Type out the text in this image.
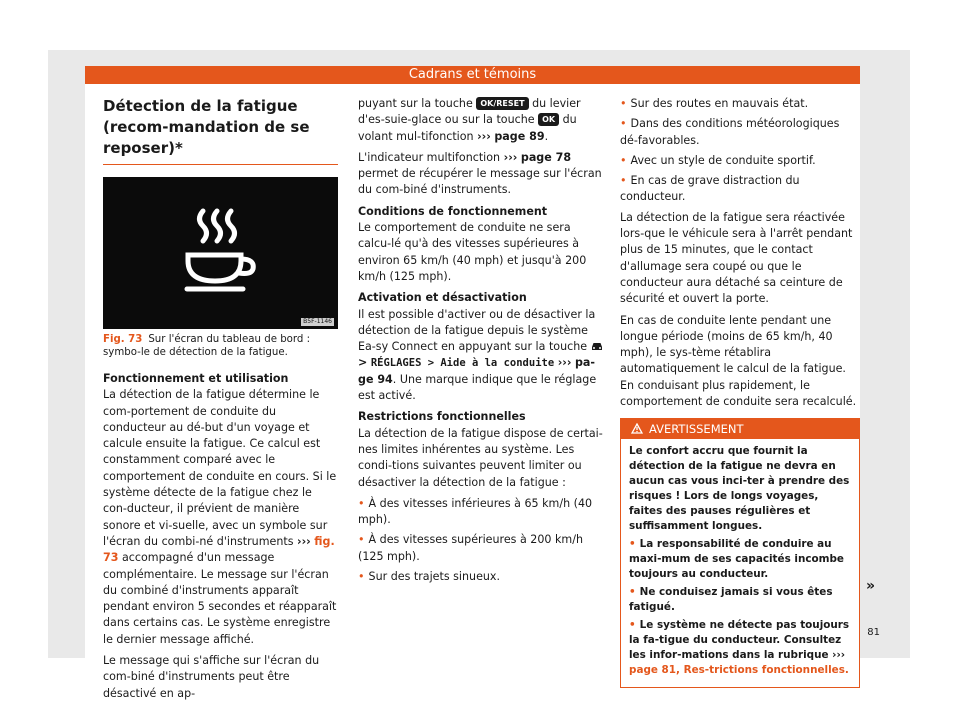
Cadrans et témoins
Détection de la fatigue (recom-mandation de se reposer)*
B5F-1146
Fig. 73 Sur l'écran du tableau de bord : symbo-le de détection de la fatigue.

Fonctionnement et utilisation

La détection de la fatigue détermine le com-portement de conduite du conducteur au dé-but d'un voyage et calcule ensuite la fatigue. Ce calcul est constamment comparé avec le comportement de conduite en cours. Si le système détecte de la fatigue chez le con-ducteur, il prévient de manière sonore et vi-suelle, avec un symbole sur l'écran du combi-né d'instruments ››› fig. 73 accompagné d'un message complémentaire. Le message sur l'écran du combiné d'instruments apparaît pendant environ 5 secondes et réapparaît dans certains cas. Le système enregistre le dernier message affiché.

Le message qui s'affiche sur l'écran du com-biné d'instruments peut être désactivé en ap-

puyant sur la touche OK/RESET du levier d'es-suie-glace ou sur la touche OK du volant mul-tifonction ››› page 89.

L'indicateur multifonction ››› page 78 permet de récupérer le message sur l'écran du com-biné d'instruments.

Conditions de fonctionnement

Le comportement de conduite ne sera calcu-lé qu'à des vitesses supérieures à environ 65 km/h (40 mph) et jusqu'à 200 km/h (125 mph).

Activation et désactivation

Il est possible d'activer ou de désactiver la détection de la fatigue depuis le système Ea-sy Connect en appuyant sur la touche  > RÉGLAGES > Aide à la conduite ››› pa-ge 94. Une marque indique que le réglage est activé.

Restrictions fonctionnelles

La détection de la fatigue dispose de certai-nes limites inhérentes au système. Les condi-tions suivantes peuvent limiter ou désactiver la détection de la fatigue :

• À des vitesses inférieures à 65 km/h (40 mph).

• À des vitesses supérieures à 200 km/h (125 mph).

• Sur des trajets sinueux.

• Sur des routes en mauvais état.

• Dans des conditions météorologiques dé-favorables.

• Avec un style de conduite sportif.

• En cas de grave distraction du conducteur.

La détection de la fatigue sera réactivée lors-que le véhicule sera à l'arrêt pendant plus de 15 minutes, que le contact d'allumage sera coupé ou que le conducteur aura détaché sa ceinture de sécurité et ouvert la porte.

En cas de conduite lente pendant une longue période (moins de 65 km/h, 40 mph), le sys-tème rétablira automatiquement le calcul de la fatigue. En conduisant plus rapidement, le comportement de conduite sera recalculé.

AVERTISSEMENT

Le confort accru que fournit la détection de la fatigue ne devra en aucun cas vous inci-ter à prendre des risques ! Lors de longs voyages, faites des pauses régulières et suffisamment longues.

• La responsabilité de conduire au maxi-mum de ses capacités incombe toujours au conducteur.

• Ne conduisez jamais si vous êtes fatigué.

• Le système ne détecte pas toujours la fa-tigue du conducteur. Consultez les infor-mations dans la rubrique ››› page 81, Res-trictions fonctionnelles.

»
81
